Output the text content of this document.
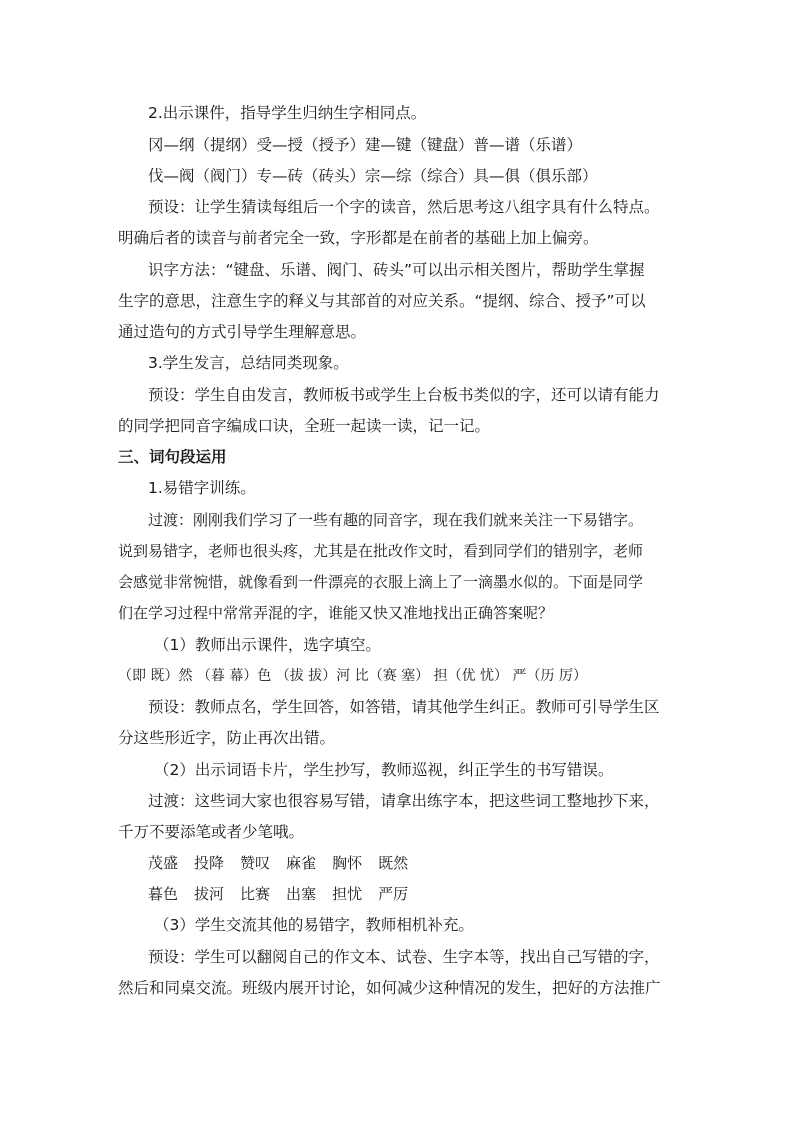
2.出示课件，指导学生归纳生字相同点。
冈—纲（提纲）受—授（授予）建—键（键盘）普—谱（乐谱）
伐—阀（阀门）专—砖（砖头）宗—综（综合）具—俱（俱乐部）
预设：让学生猜读每组后一个字的读音，然后思考这八组字具有什么特点。
明确后者的读音与前者完全一致，字形都是在前者的基础上加上偏旁。
识字方法：“键盘、乐谱、阀门、砖头”可以出示相关图片，帮助学生掌握
生字的意思，注意生字的释义与其部首的对应关系。“提纲、综合、授予”可以
通过造句的方式引导学生理解意思。
3.学生发言，总结同类现象。
预设：学生自由发言，教师板书或学生上台板书类似的字，还可以请有能力
的同学把同音字编成口诀，全班一起读一读，记一记。
三、词句段运用
1.易错字训练。
过渡：刚刚我们学习了一些有趣的同音字，现在我们就来关注一下易错字。
说到易错字，老师也很头疼，尤其是在批改作文时，看到同学们的错别字，老师
会感觉非常惋惜，就像看到一件漂亮的衣服上滴上了一滴墨水似的。下面是同学
们在学习过程中常常弄混的字，谁能又快又准地找出正确答案呢？
（1）教师出示课件，选字填空。
（即 既）然 （暮 幕）色 （拔 拔）河 比（赛 塞） 担（优 忧） 严（历 厉）
预设：教师点名，学生回答，如答错，请其他学生纠正。教师可引导学生区
分这些形近字，防止再次出错。
（2）出示词语卡片，学生抄写，教师巡视，纠正学生的书写错误。
过渡：这些词大家也很容易写错，请拿出练字本，把这些词工整地抄下来，
千万不要添笔或者少笔哦。
茂盛 投降 赞叹 麻雀 胸怀 既然
暮色 拔河 比赛 出塞 担忧 严厉
（3）学生交流其他的易错字，教师相机补充。
预设：学生可以翻阅自己的作文本、试卷、生字本等，找出自己写错的字，
然后和同桌交流。班级内展开讨论，如何减少这种情况的发生，把好的方法推广
